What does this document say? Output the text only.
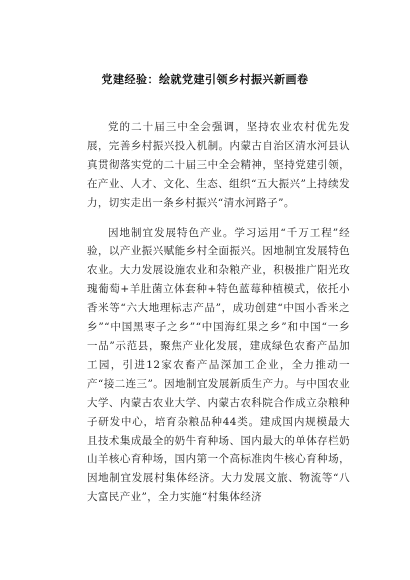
党建经验：绘就党建引领乡村振兴新画卷

党的二十届三中全会强调，坚持农业农村优先发展，完善乡村振兴投入机制。内蒙古自治区清水河县认真贯彻落实党的二十届三中全会精神，坚持党建引领，在产业、人才、文化、生态、组织“五大振兴”上持续发力，切实走出一条乡村振兴“清水河路子”。

因地制宜发展特色产业。学习运用“千万工程”经验，以产业振兴赋能乡村全面振兴。因地制宜发展特色农业。大力发展设施农业和杂粮产业，积极推广阳光玫瑰葡萄+羊肚菌立体套种+特色蓝莓种植模式，依托小香米等“六大地理标志产品”，成功创建“中国小香米之乡”“中国黑枣子之乡”“中国海红果之乡”和中国“一乡一品”示范县，聚焦产业化发展，建成绿色农畜产品加工园，引进12家农畜产品深加工企业，全力推动一产“接二连三”。因地制宜发展新质生产力。与中国农业大学、内蒙古农业大学、内蒙古农科院合作成立杂粮种子研发中心，培育杂粮品种44类。建成国内规模最大且技术集成最全的奶牛育种场、国内最大的单体存栏奶山羊核心育种场，国内第一个高标准肉牛核心育种场，因地制宜发展村集体经济。大力发展文旅、物流等“八大富民产业”，全力实施“村集体经济
